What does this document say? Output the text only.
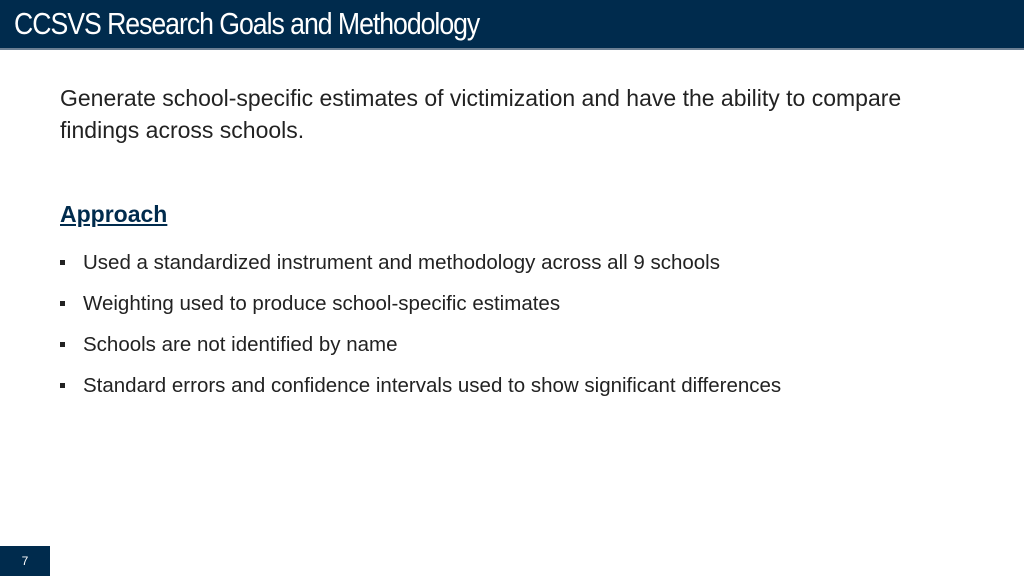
CCSVS Research Goals and Methodology
Generate school-specific estimates of victimization and have the ability to compare findings across schools.
Approach
Used a standardized instrument and methodology across all 9 schools
Weighting used to produce school-specific estimates
Schools are not identified by name
Standard errors and confidence intervals used to show significant differences
7
